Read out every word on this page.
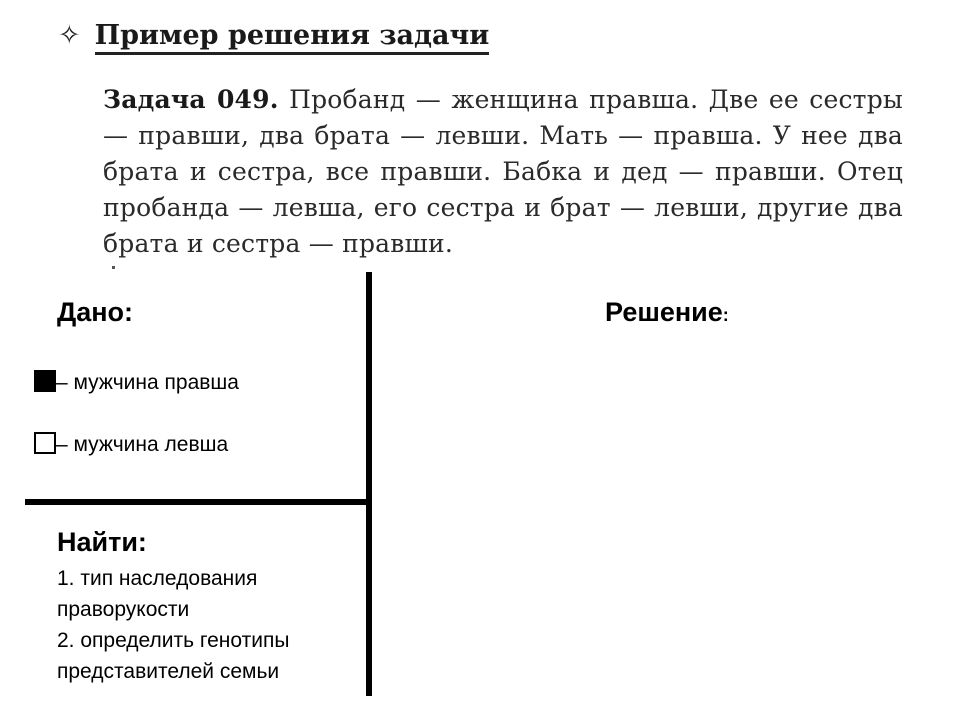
✧ Пример решения задачи
Задача 049. Пробанд — женщина правша. Две ее сестры — правши, два брата — левши. Мать — правша. У нее два брата и сестра, все правши. Бабка и дед — правши. Отец пробанда — левша, его сестра и брат — левши, другие два брата и сестра — правши.
Дано:
– мужчина правша
– мужчина левша
Решение:
Найти:
1. тип наследования
праворукости
2. определить генотипы
представителей семьи
